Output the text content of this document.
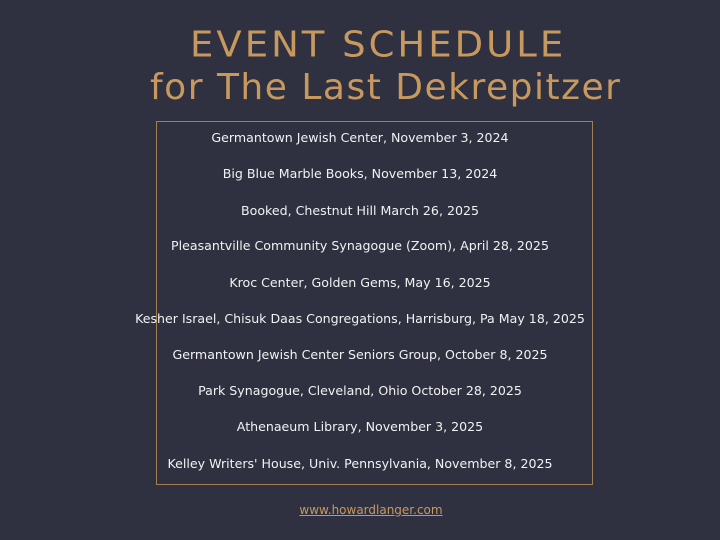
EVENT SCHEDULE
for The Last Dekrepitzer
Germantown Jewish Center, November 3, 2024
Big Blue Marble Books, November 13, 2024
Booked, Chestnut Hill March 26, 2025
Pleasantville Community Synagogue (Zoom), April 28, 2025
Kroc Center, Golden Gems, May 16, 2025
Kesher Israel, Chisuk Daas Congregations, Harrisburg, Pa May 18, 2025
Germantown Jewish Center Seniors Group, October 8, 2025
Park Synagogue, Cleveland, Ohio October 28, 2025
Athenaeum Library, November 3, 2025
Kelley Writers' House, Univ. Pennsylvania, November 8, 2025
www.howardlanger.com
